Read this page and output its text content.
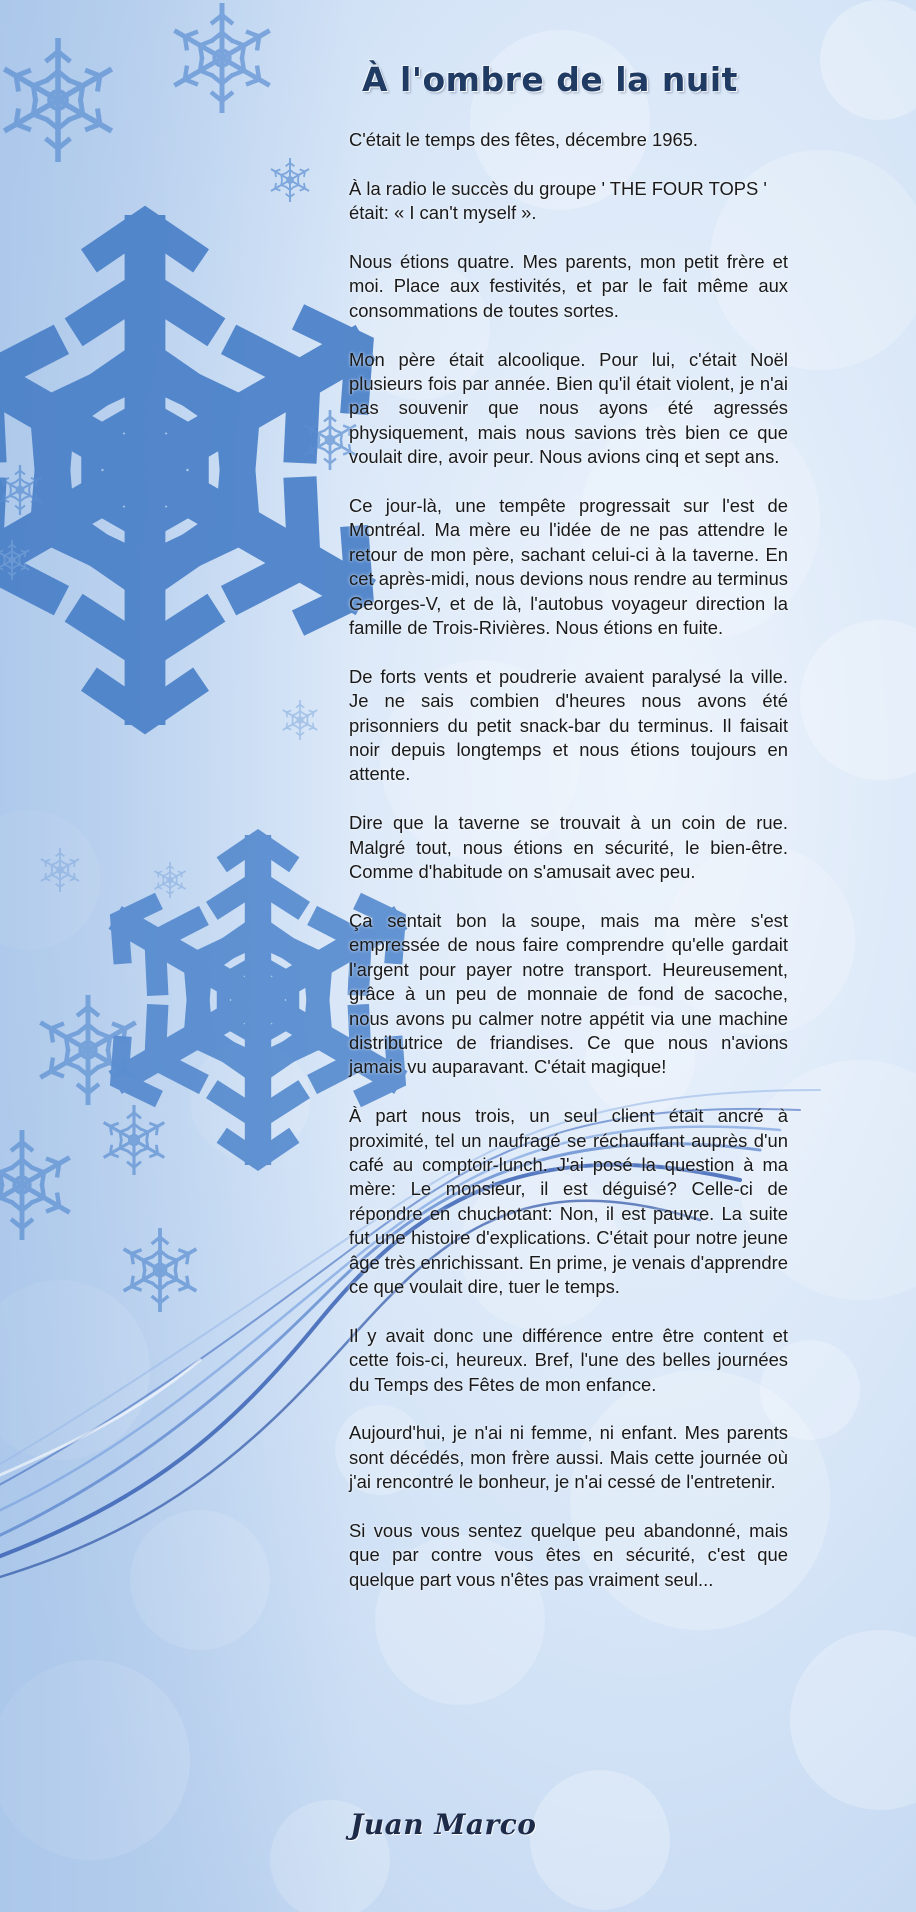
À l'ombre de la nuit

C'était le temps des fêtes, décembre 1965.

À la radio le succès du groupe ' THE FOUR TOPS ' était: « I can't myself ».

Nous étions quatre. Mes parents, mon petit frère et moi. Place aux festivités, et par le fait même aux consommations de toutes sortes.

Mon père était alcoolique. Pour lui, c'était Noël plusieurs fois par année. Bien qu'il était violent, je n'ai pas souvenir que nous ayons été agressés physiquement, mais nous savions très bien ce que voulait dire, avoir peur. Nous avions cinq et sept ans.

Ce jour-là, une tempête progressait sur l'est de Montréal. Ma mère eu l'idée de ne pas attendre le retour de mon père, sachant celui-ci à la taverne. En cet après-midi, nous devions nous rendre au terminus Georges-V, et de là, l'autobus voyageur direction la famille de Trois-Rivières. Nous étions en fuite.

De forts vents et poudrerie avaient paralysé la ville. Je ne sais combien d'heures nous avons été prisonniers du petit snack-bar du terminus. Il faisait noir depuis longtemps et nous étions toujours en attente.

Dire que la taverne se trouvait à un coin de rue. Malgré tout, nous étions en sécurité, le bien-être. Comme d'habitude on s'amusait avec peu.

Ça sentait bon la soupe, mais ma mère s'est empressée de nous faire comprendre qu'elle gardait l'argent pour payer notre transport. Heureusement, grâce à un peu de monnaie de fond de sacoche, nous avons pu calmer notre appétit via une machine distributrice de friandises. Ce que nous n'avions jamais vu auparavant. C'était magique!

À part nous trois, un seul client était ancré à proximité, tel un naufragé se réchauffant auprès d'un café au comptoir-lunch. J'ai posé la question à ma mère: Le monsieur, il est déguisé? Celle-ci de répondre en chuchotant: Non, il est pauvre. La suite fut une histoire d'explications. C'était pour notre jeune âge très enrichissant. En prime, je venais d'apprendre ce que voulait dire, tuer le temps.

Il y avait donc une différence entre être content et cette fois-ci, heureux. Bref, l'une des belles journées du Temps des Fêtes de mon enfance.

Aujourd'hui, je n'ai ni femme, ni enfant. Mes parents sont décédés, mon frère aussi. Mais cette journée où j'ai rencontré le bonheur, je n'ai cessé de l'entretenir.

Si vous vous sentez quelque peu abandonné, mais que par contre vous êtes en sécurité, c'est que quelque part vous n'êtes pas vraiment seul...

Juan Marco
